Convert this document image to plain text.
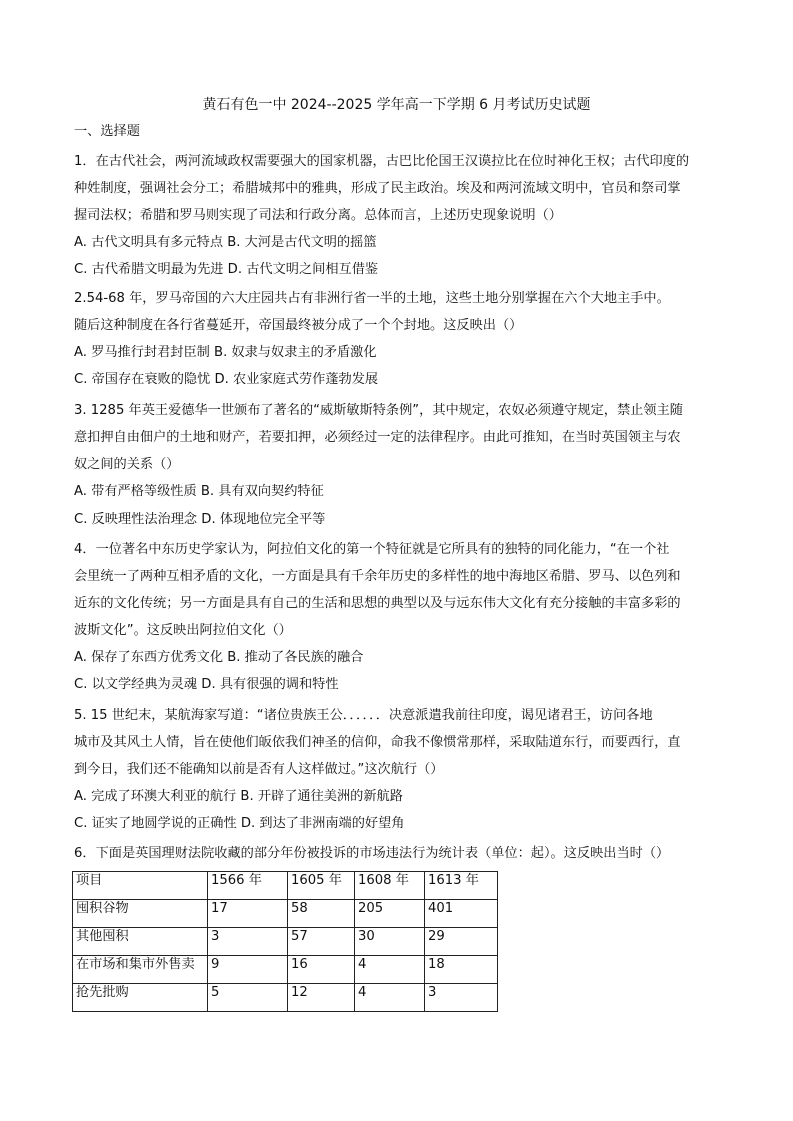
黄石有色一中 2024--2025 学年高一下学期 6 月考试历史试题
一、选择题
1．在古代社会，两河流域政权需要强大的国家机器，古巴比伦国王汉谟拉比在位时神化王权；古代印度的
种姓制度，强调社会分工；希腊城邦中的雅典，形成了民主政治。埃及和两河流域文明中，官员和祭司掌
握司法权；希腊和罗马则实现了司法和行政分离。总体而言，上述历史现象说明（）
A. 古代文明具有多元特点 B. 大河是古代文明的摇篮
C. 古代希腊文明最为先进 D. 古代文明之间相互借鉴
2.54-68 年，罗马帝国的六大庄园共占有非洲行省一半的土地，这些土地分别掌握在六个大地主手中。
随后这种制度在各行省蔓延开，帝国最终被分成了一个个封地。这反映出（）
A. 罗马推行封君封臣制 B. 奴隶与奴隶主的矛盾激化
C. 帝国存在衰败的隐忧 D. 农业家庭式劳作蓬勃发展
3. 1285 年英王爱德华一世颁布了著名的“威斯敏斯特条例”，其中规定，农奴必须遵守规定，禁止领主随
意扣押自由佃户的土地和财产，若要扣押，必须经过一定的法律程序。由此可推知，在当时英国领主与农
奴之间的关系（）
A. 带有严格等级性质 B. 具有双向契约特征
C. 反映理性法治理念 D. 体现地位完全平等
4．一位著名中东历史学家认为，阿拉伯文化的第一个特征就是它所具有的独特的同化能力，“在一个社
会里统一了两种互相矛盾的文化，一方面是具有千余年历史的多样性的地中海地区希腊、罗马、以色列和
近东的文化传统；另一方面是具有自己的生活和思想的典型以及与远东伟大文化有充分接触的丰富多彩的
波斯文化”。这反映出阿拉伯文化（）
A. 保存了东西方优秀文化 B. 推动了各民族的融合
C. 以文学经典为灵魂 D. 具有很强的调和特性
5. 15 世纪末，某航海家写道：“诸位贵族王公．．．．．．决意派遣我前往印度，谒见诸君王，访问各地
城市及其风土人情，旨在使他们皈依我们神圣的信仰，命我不像惯常那样，采取陆道东行，而要西行，直
到今日，我们还不能确知以前是否有人这样做过。”这次航行（）
A. 完成了环澳大利亚的航行 B. 开辟了通往美洲的新航路
C. 证实了地圆学说的正确性 D. 到达了非洲南端的好望角
6．下面是英国理财法院收藏的部分年份被投诉的市场违法行为统计表（单位：起）。这反映出当时（）
项目	1566 年	1605 年	1608 年	1613 年
囤积谷物	17	58	205	401
其他囤积	3	57	30	29
在市场和集市外售卖	9	16	4	18
抢先批购	5	12	4	3
